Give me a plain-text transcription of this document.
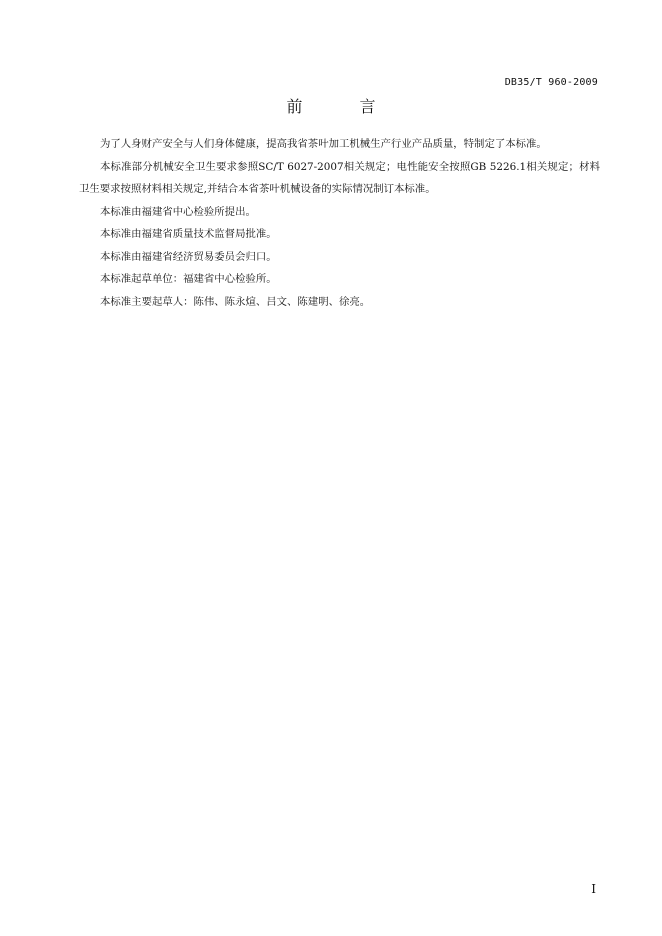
DB35/T 960-2009
前 言

为了人身财产安全与人们身体健康，提高我省茶叶加工机械生产行业产品质量，特制定了本标准。

本标准部分机械安全卫生要求参照SC/T 6027-2007相关规定；电性能安全按照GB 5226.1相关规定；材料卫生要求按照材料相关规定,并结合本省茶叶机械设备的实际情况制订本标准。

本标准由福建省中心检验所提出。

本标准由福建省质量技术监督局批准。

本标准由福建省经济贸易委员会归口。

本标准起草单位：福建省中心检验所。

本标准主要起草人：陈伟、陈永煊、吕文、陈建明、徐亮。

I
